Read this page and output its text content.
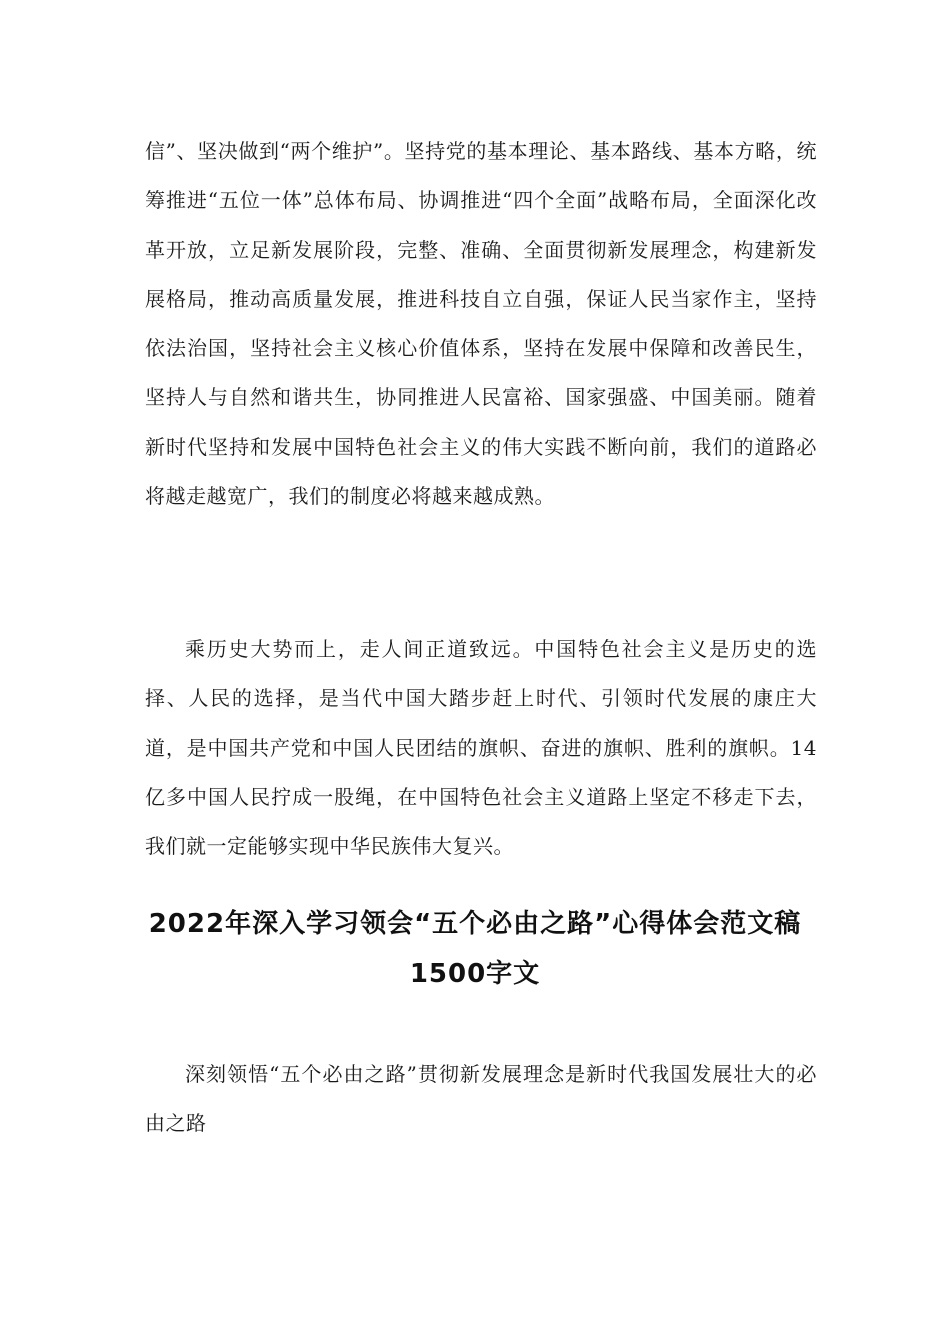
信”、坚决做到“两个维护”。坚持党的基本理论、基本路线、基本方略，统筹推进“五位一体”总体布局、协调推进“四个全面”战略布局，全面深化改革开放，立足新发展阶段，完整、准确、全面贯彻新发展理念，构建新发展格局，推动高质量发展，推进科技自立自强，保证人民当家作主，坚持依法治国，坚持社会主义核心价值体系，坚持在发展中保障和改善民生，坚持人与自然和谐共生，协同推进人民富裕、国家强盛、中国美丽。随着新时代坚持和发展中国特色社会主义的伟大实践不断向前，我们的道路必将越走越宽广，我们的制度必将越来越成熟。

乘历史大势而上，走人间正道致远。中国特色社会主义是历史的选择、人民的选择，是当代中国大踏步赶上时代、引领时代发展的康庄大道，是中国共产党和中国人民团结的旗帜、奋进的旗帜、胜利的旗帜。14亿多中国人民拧成一股绳，在中国特色社会主义道路上坚定不移走下去，我们就一定能够实现中华民族伟大复兴。

2022年深入学习领会“五个必由之路”心得体会范文稿1500字文

深刻领悟“五个必由之路”贯彻新发展理念是新时代我国发展壮大的必由之路
